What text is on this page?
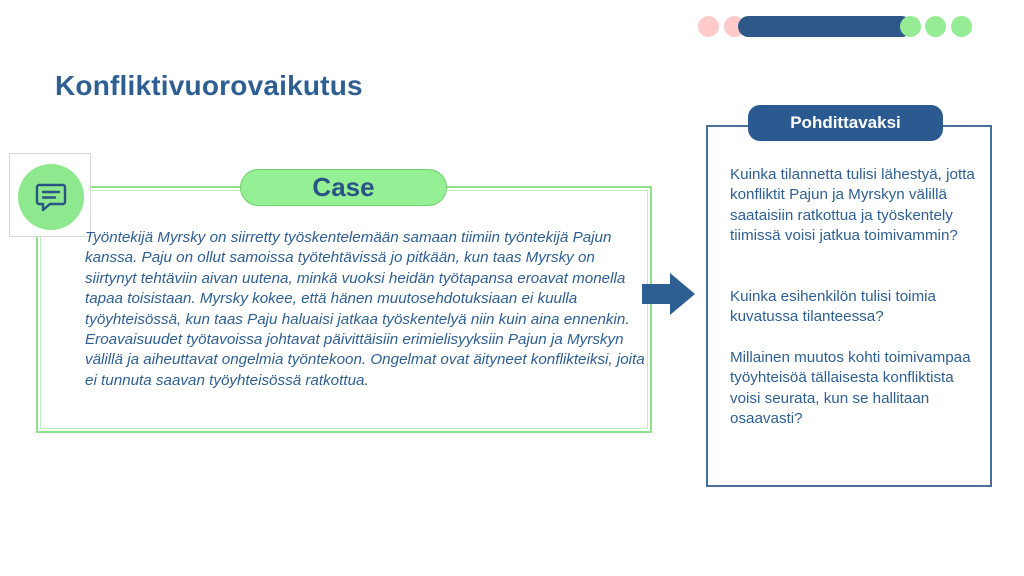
Konfliktivuorovaikutus
Case

Työntekijä Myrsky on siirretty työskentelemään samaan tiimiin työntekijä Pajun kanssa. Paju on ollut samoissa työtehtävissä jo pitkään, kun taas Myrsky on siirtynyt tehtäviin aivan uutena, minkä vuoksi heidän työtapansa eroavat monella tapaa toisistaan. Myrsky kokee, että hänen muutosehdotuksiaan ei kuulla työyhteisössä, kun taas Paju haluaisi jatkaa työskentelyä niin kuin aina ennenkin. Eroavaisuudet työtavoissa johtavat päivittäisiin erimielisyyksiin Pajun ja Myrskyn välillä ja aiheuttavat ongelmia työntekoon. Ongelmat ovat äityneet konflikteiksi, joita ei tunnuta saavan työyhteisössä ratkottua.

Pohdittavaksi

Kuinka tilannetta tulisi lähestyä, jotta konfliktit Pajun ja Myrskyn välillä saataisiin ratkottua ja työskentely tiimissä voisi jatkua toimivammin?

Kuinka esihenkilön tulisi toimia kuvatussa tilanteessa?

Millainen muutos kohti toimivampaa työyhteisöä tällaisesta konfliktista voisi seurata, kun se hallitaan osaavasti?
